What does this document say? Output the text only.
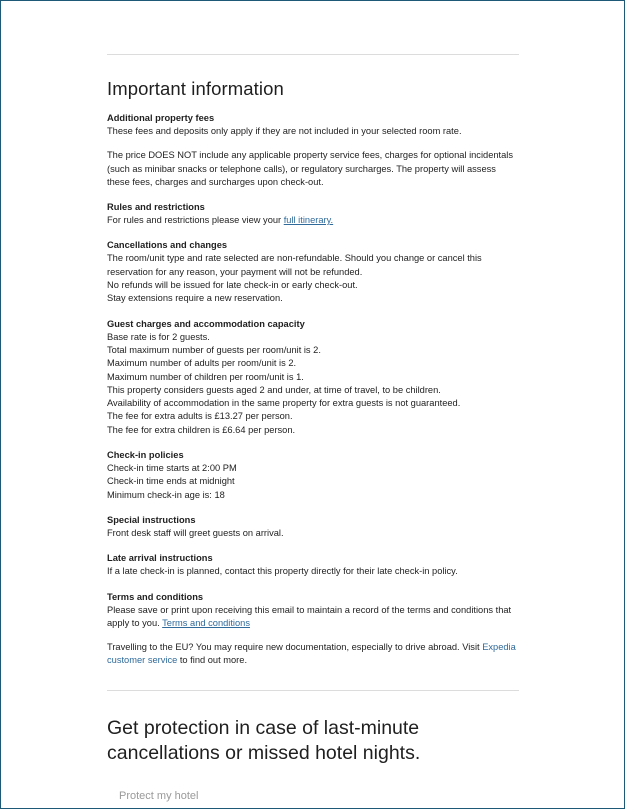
Important information
Additional property fees

These fees and deposits only apply if they are not included in your selected room rate.

The price DOES NOT include any applicable property service fees, charges for optional incidentals (such as minibar snacks or telephone calls), or regulatory surcharges. The property will assess these fees, charges and surcharges upon check-out.

Rules and restrictions

For rules and restrictions please view your full itinerary.

Cancellations and changes

The room/unit type and rate selected are non-refundable. Should you change or cancel this reservation for any reason, your payment will not be refunded.

No refunds will be issued for late check-in or early check-out.
Stay extensions require a new reservation.
Guest charges and accommodation capacity
Base rate is for 2 guests.
Total maximum number of guests per room/unit is 2.
Maximum number of adults per room/unit is 2.
Maximum number of children per room/unit is 1.
This property considers guests aged 2 and under, at time of travel, to be children.
Availability of accommodation in the same property for extra guests is not guaranteed.
The fee for extra adults is £13.27 per person.
The fee for extra children is £6.64 per person.
Check-in policies
Check-in time starts at 2:00 PM
Check-in time ends at midnight
Minimum check-in age is: 18
Special instructions
Front desk staff will greet guests on arrival.
Late arrival instructions
If a late check-in is planned, contact this property directly for their late check-in policy.
Terms and conditions

Please save or print upon receiving this email to maintain a record of the terms and conditions that apply to you. Terms and conditions

Travelling to the EU? You may require new documentation, especially to drive abroad. Visit Expedia customer service to find out more.

Get protection in case of last-minute cancellations or missed hotel nights.
Protect my hotel
